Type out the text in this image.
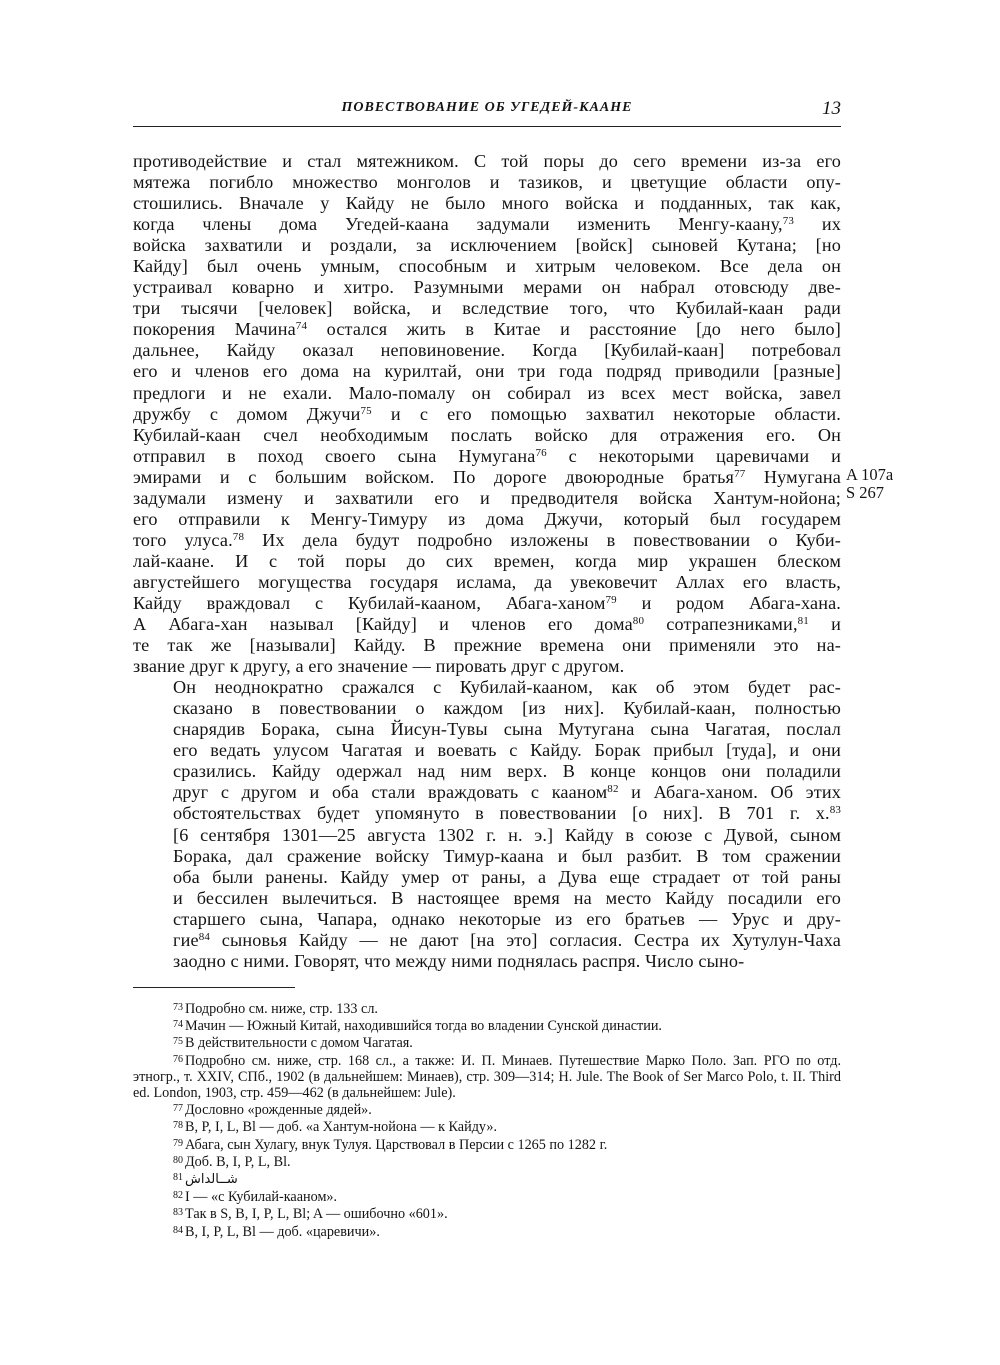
ПОВЕСТВОВАНИЕ ОБ УГЕДЕЙ-КААНЕ	13

противодействие и стал мятежником. С той поры до сего времени из-за его
мятежа погибло множество монголов и тазиков, и цветущие области опу-
стошились. Вначале у Кайду не было много войска и подданных, так как,
когда члены дома Угедей-каана задумали изменить Менгу-каану,$^{73}$ их
войска захватили и роздали, за исключением [войск] сыновей Кутана; [но
Кайду] был очень умным, способным и хитрым человеком. Все дела он
устраивал коварно и хитро. Разумными мерами он набрал отовсюду две-
три тысячи [человек] войска, и вследствие того, что Кубилай-каан ради
покорения Мачина$^{74}$ остался жить в Китае и расстояние [до него было]
дальнее, Кайду оказал неповиновение. Когда [Кубилай-каан] потребовал
его и членов его дома на курилтай, они три года подряд приводили [разные]
предлоги и не ехали. Мало-помалу он собирал из всех мест войска, завел
дружбу с домом Джучи$^{75}$ и с его помощью захватил некоторые области.
Кубилай-каан счел необходимым послать войско для отражения его. Он
отправил в поход своего сына Нумугана$^{76}$ с некоторыми царевичами и
эмирами и с большим войском. По дороге двоюродные братья$^{77}$ Нумугана
задумали измену и захватили его и предводителя войска Хантум-нойона;
его отправили к Менгу-Тимуру из дома Джучи, который был государем
того улуса.$^{78}$ Их дела будут подробно изложены в повествовании о Куби-
лай-каане. И с той поры до сих времен, когда мир украшен блеском
августейшего могущества государя ислама, да увековечит Аллах его власть,
Кайду враждовал с Кубилай-кааном, Абага-ханом$^{79}$ и родом Абага-хана.
А Абага-хан называл [Кайду] и членов его дома$^{80}$ сотрапезниками,$^{81}$ и
те так же [называли] Кайду. В прежние времена они применяли это на-
звание друг к другу, а его значение — пировать друг с другом.

Он неоднократно сражался с Кубилай-кааном, как об этом будет рас-
сказано в повествовании о каждом [из них]. Кубилай-каан, полностью
снарядив Борака, сына Йисун-Тувы сына Мутугана сына Чагатая, послал
его ведать улусом Чагатая и воевать с Кайду. Борак прибыл [туда], и они
сразились. Кайду одержал над ним верх. В конце концов они поладили
друг с другом и оба стали враждовать с кааном$^{82}$ и Абага-ханом. Об этих
обстоятельствах будет упомянуто в повествовании [о них]. В 701 г. х.$^{83}$
[6 сентября 1301—25 августа 1302 г. н. э.] Кайду в союзе с Дувой, сыном
Борака, дал сражение войску Тимур-каана и был разбит. В том сражении
оба были ранены. Кайду умер от раны, а Дува еще страдает от той раны
и бессилен вылечиться. В настоящее время на место Кайду посадили его
старшего сына, Чапара, однако некоторые из его братьев — Урус и дру-
гие$^{84}$ сыновья Кайду — не дают [на это] согласия. Сестра их Хутулун-Чаха
заодно с ними. Говорят, что между ними поднялась распря. Число сыно-

A 107a
S 267

$^{73}$ Подробно см. ниже, стр. 133 сл.

$^{74}$ Мачин — Южный Китай, находившийся тогда во владении Сунской династии.

$^{75}$ В действительности с домом Чагатая.

$^{76}$ Подробно см. ниже, стр. 168 сл., а также: И. П. Минаев. Путешествие Марко Поло. Зап. РГО по отд. этногр., т. XXIV, СПб., 1902 (в дальнейшем: Минаев), стр. 309—314; H. Jule. The Book of Ser Marco Polo, t. II. Third ed. London, 1903, стр. 459—462 (в дальнейшем: Jule).

$^{77}$ Дословно «рожденные дядей».

$^{78}$ B, P, I, L, Bl — доб. «а Хантум-нойона — к Кайду».

$^{79}$ Абага, сын Хулагу, внук Тулуя. Царствовал в Персии с 1265 по 1282 г.

$^{80}$ Доб. B, I, P, L, Bl.

$^{81}$ شــالداش

$^{82}$ I — «с Кубилай-кааном».

$^{83}$ Так в S, B, I, P, L, Bl; A — ошибочно «601».

$^{84}$ B, I, P, L, Bl — доб. «царевичи».
